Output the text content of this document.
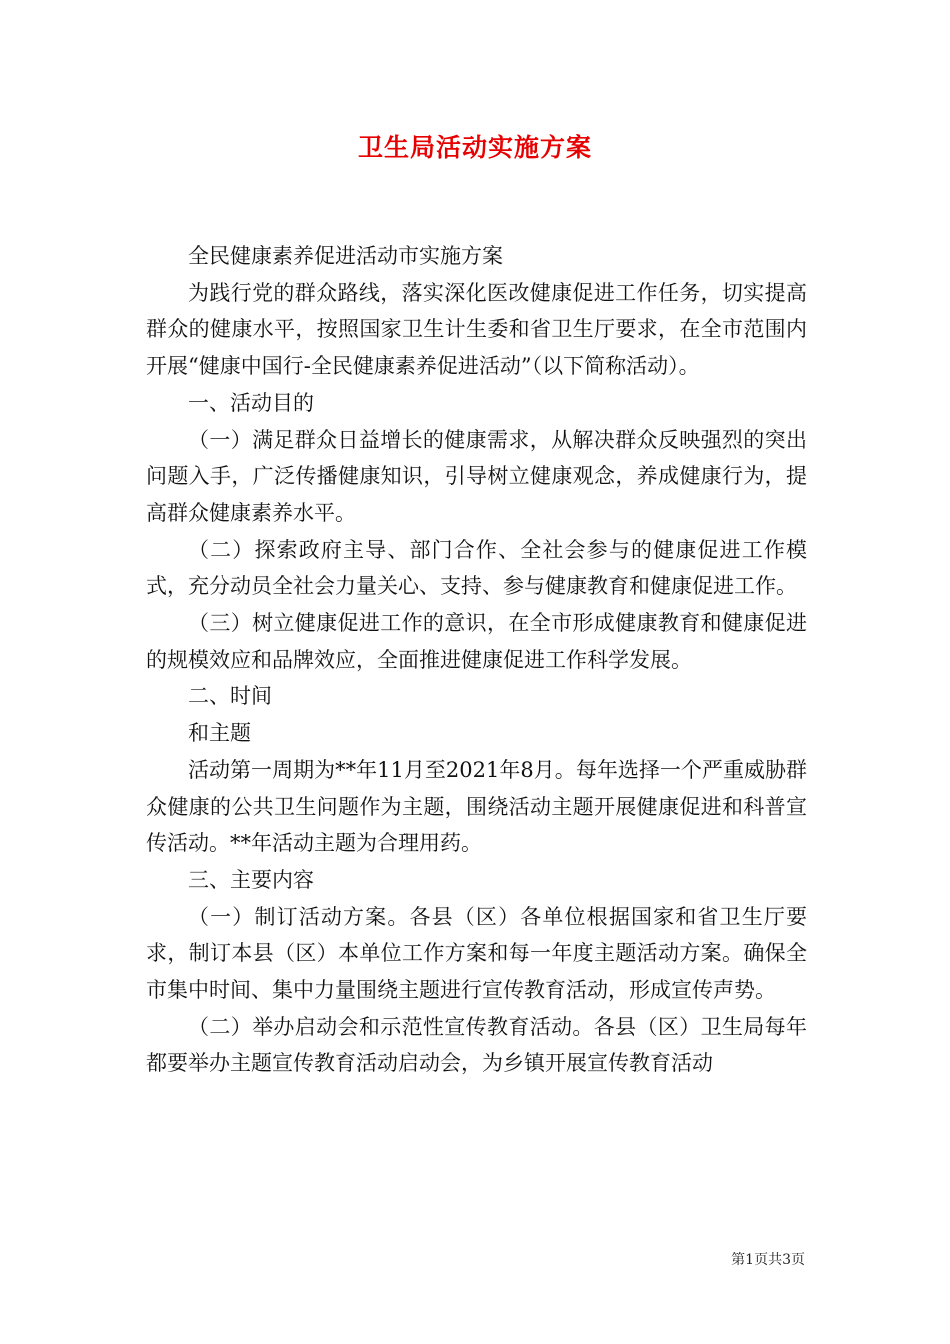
卫生局活动实施方案

全民健康素养促进活动市实施方案

为践行党的群众路线，落实深化医改健康促进工作任务，切实提高群众的健康水平，按照国家卫生计生委和省卫生厅要求，在全市范围内开展“健康中国行-全民健康素养促进活动”（以下简称活动）。

一、活动目的

（一）满足群众日益增长的健康需求，从解决群众反映强烈的突出问题入手，广泛传播健康知识，引导树立健康观念，养成健康行为，提高群众健康素养水平。

（二）探索政府主导、部门合作、全社会参与的健康促进工作模式，充分动员全社会力量关心、支持、参与健康教育和健康促进工作。

（三）树立健康促进工作的意识，在全市形成健康教育和健康促进的规模效应和品牌效应，全面推进健康促进工作科学发展。

二、时间

和主题

活动第一周期为**年11月至2021年8月。每年选择一个严重威胁群众健康的公共卫生问题作为主题，围绕活动主题开展健康促进和科普宣传活动。**年活动主题为合理用药。

三、主要内容

（一）制订活动方案。各县（区）各单位根据国家和省卫生厅要求，制订本县（区）本单位工作方案和每一年度主题活动方案。确保全市集中时间、集中力量围绕主题进行宣传教育活动，形成宣传声势。

（二）举办启动会和示范性宣传教育活动。各县（区）卫生局每年都要举办主题宣传教育活动启动会，为乡镇开展宣传教育活动

第1页共3页
